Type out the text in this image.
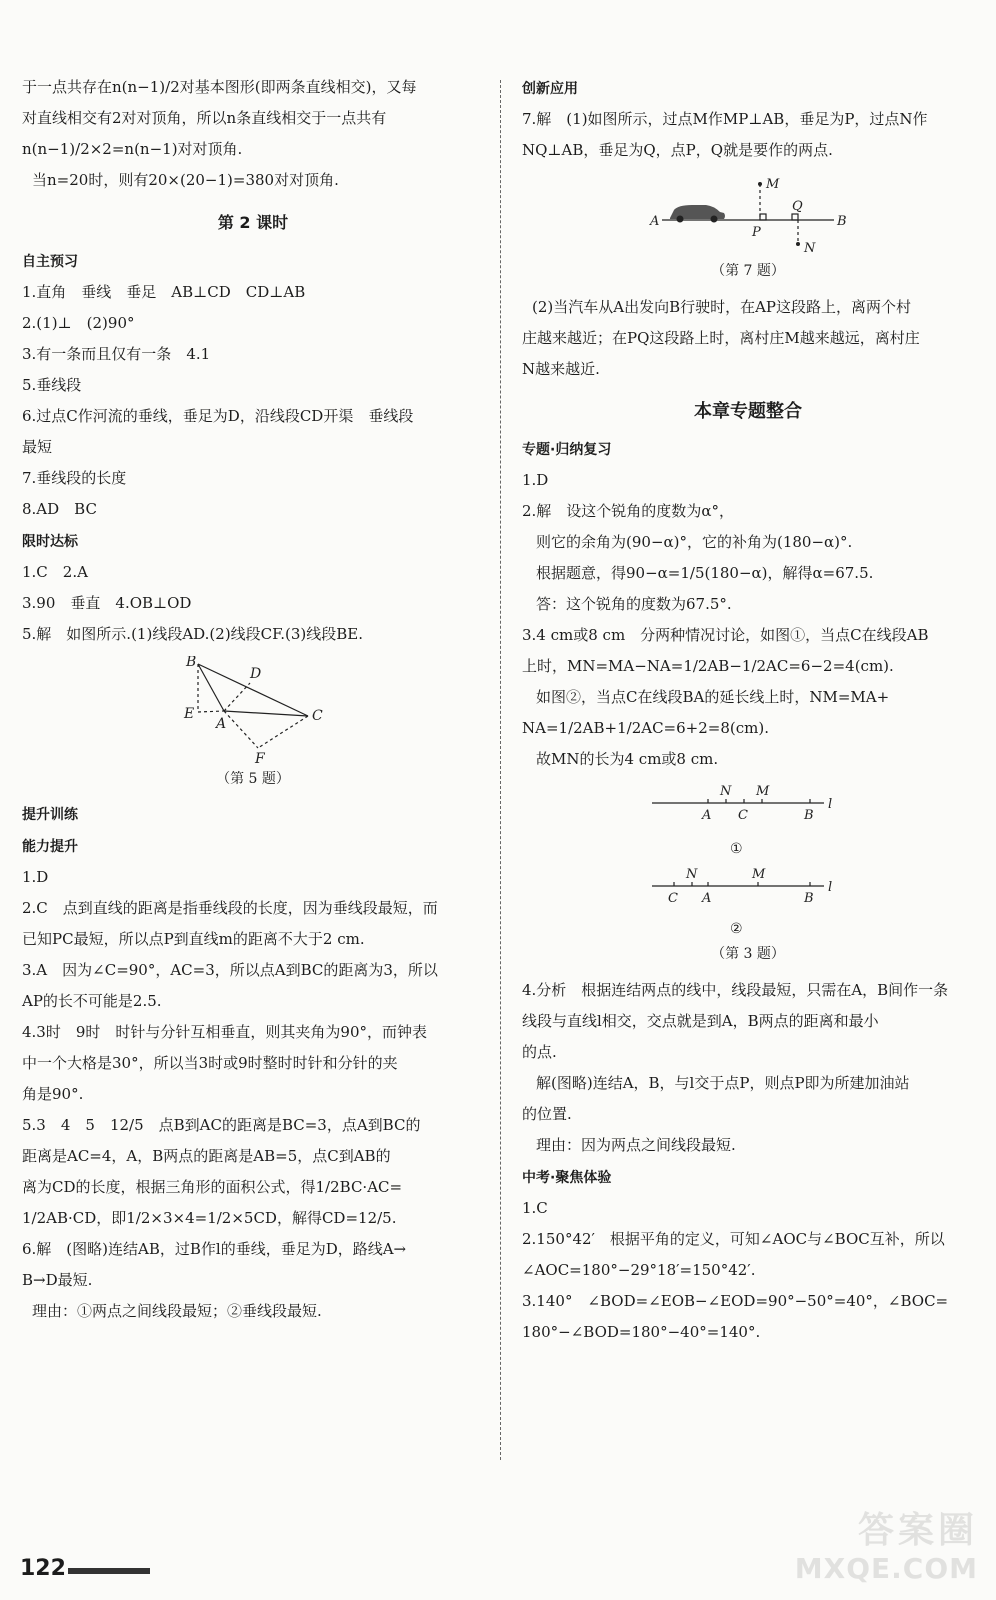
于一点共存在n(n−1)/2对基本图形(即两条直线相交)，又每

对直线相交有2对对顶角，所以n条直线相交于一点共有

n(n−1)/2×2=n(n−1)对对顶角.

当n=20时，则有20×(20−1)=380对对顶角.

第 2 课时
自主预习

1.直角　垂线　垂足　AB⊥CD　CD⊥AB

2.(1)⊥　(2)90°

3.有一条而且仅有一条　4.1

5.垂线段

6.过点C作河流的垂线，垂足为D，沿线段CD开渠　垂线段

最短

7.垂线段的长度

8.AD　BC

限时达标

1.C　2.A

3.90　垂直　4.OB⊥OD

5.解　如图所示.(1)线段AD.(2)线段CF.(3)线段BE.

B
D
E
A	C
F
（第 5 题）
提升训练
能力提升

1.D

2.C　点到直线的距离是指垂线段的长度，因为垂线段最短，而

已知PC最短，所以点P到直线m的距离不大于2 cm.

3.A　因为∠C=90°，AC=3，所以点A到BC的距离为3，所以

AP的长不可能是2.5.

4.3时　9时　时针与分针互相垂直，则其夹角为90°，而钟表

中一个大格是30°，所以当3时或9时整时时针和分针的夹

角是90°.

5.3　4　5　12/5　点B到AC的距离是BC=3，点A到BC的

距离是AC=4，A，B两点的距离是AB=5，点C到AB的

离为CD的长度，根据三角形的面积公式，得1/2BC·AC=

1/2AB·CD，即1/2×3×4=1/2×5CD，解得CD=12/5.

6.解　(图略)连结AB，过B作l的垂线，垂足为D，路线A→

B→D最短.

理由：①两点之间线段最短；②垂线段最短.

创新应用

7.解　(1)如图所示，过点M作MP⊥AB，垂足为P，过点N作

NQ⊥AB，垂足为Q，点P，Q就是要作的两点.

M
A
P
Q
B
N
（第 7 题）

(2)当汽车从A出发向B行驶时，在AP这段路上，离两个村

庄越来越近；在PQ这段路上时，离村庄M越来越远，离村庄

N越来越近.

本章专题整合
专题·归纳复习

1.D

2.解　设这个锐角的度数为α°，

则它的余角为(90−α)°，它的补角为(180−α)°.

根据题意，得90−α=1/5(180−α)，解得α=67.5.

答：这个锐角的度数为67.5°.

3.4 cm或8 cm　分两种情况讨论，如图①，当点C在线段AB

上时，MN=MA−NA=1/2AB−1/2AC=6−2=4(cm).

如图②，当点C在线段BA的延长线上时，NM=MA+

NA=1/2AB+1/2AC=6+2=8(cm).

故MN的长为4 cm或8 cm.

N M
l
A C	B
N	M
l
C A	B
①
②
（第 3 题）

4.分析　根据连结两点的线中，线段最短，只需在A，B间作一条

线段与直线l相交，交点就是到A，B两点的距离和最小

的点.

解(图略)连结A，B，与l交于点P，则点P即为所建加油站

的位置.

理由：因为两点之间线段最短.

中考·聚焦体验

1.C

2.150°42′　根据平角的定义，可知∠AOC与∠BOC互补，所以

∠AOC=180°−29°18′=150°42′.

3.140°　∠BOD=∠EOB−∠EOD=90°−50°=40°，∠BOC=

180°−∠BOD=180°−40°=140°.

122
答案圈
MXQE.COM
